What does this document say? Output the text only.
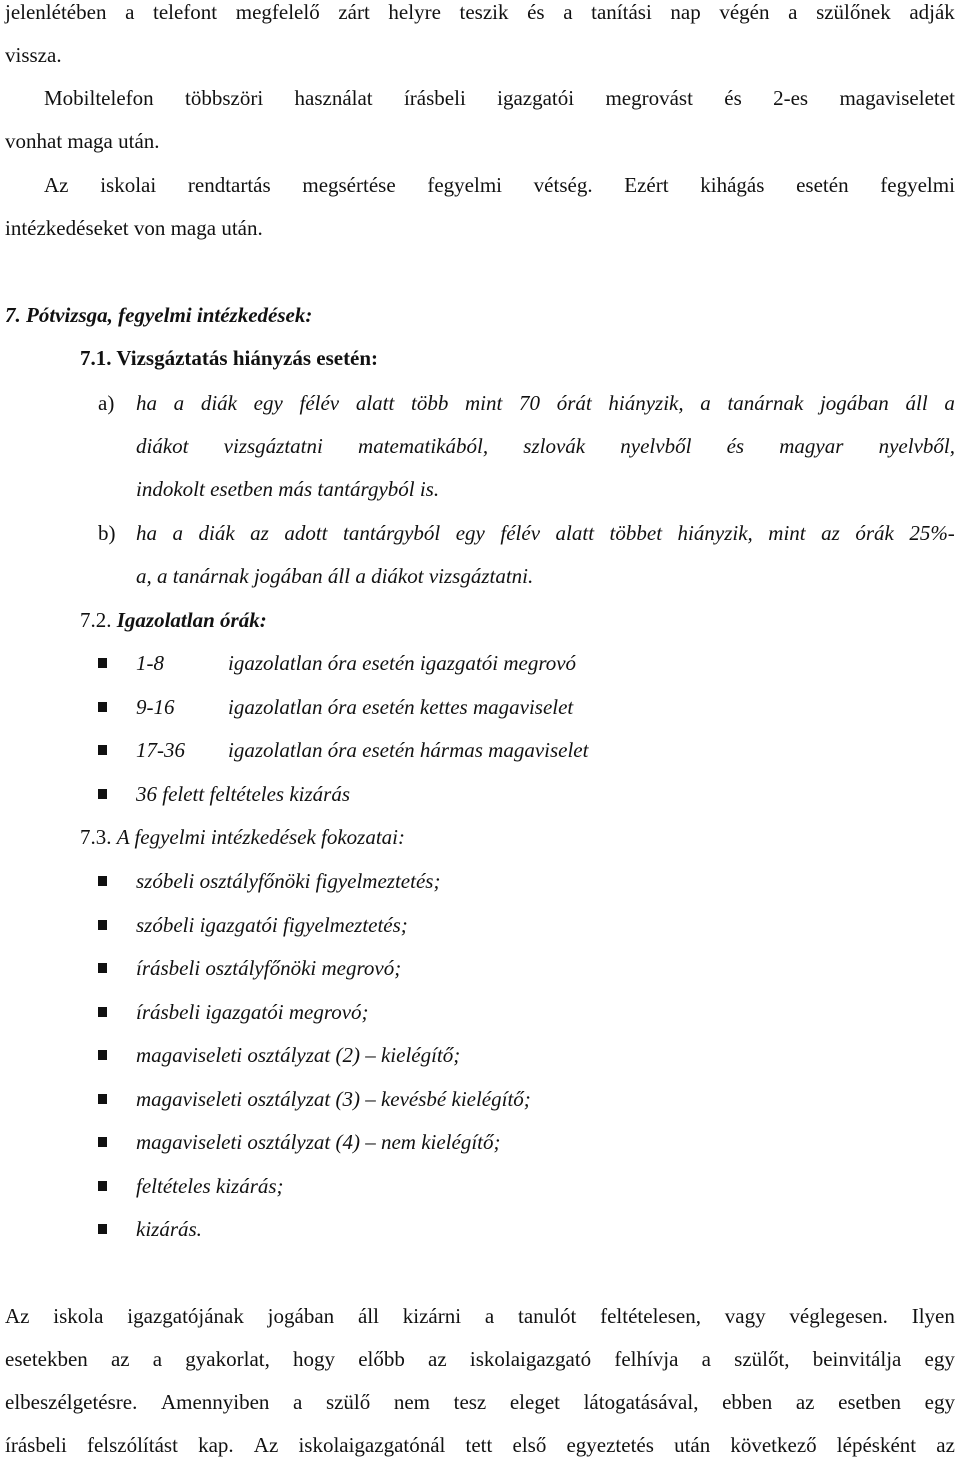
jelenlétében a telefont megfelelő zárt helyre teszik és a tanítási nap végén a szülőnek adják
vissza.
Mobiltelefon többszöri használat írásbeli igazgatói megrovást és 2-es magaviseletet
vonhat maga után.
Az iskolai rendtartás megsértése fegyelmi vétség. Ezért kihágás esetén fegyelmi
intézkedéseket von maga után.
7. Pótvizsga, fegyelmi intézkedések:
7.1. Vizsgáztatás hiányzás esetén:
a) ha a diák egy félév alatt több mint 70 órát hiányzik, a tanárnak jogában áll a
diákot vizsgáztatni matematikából, szlovák nyelvből és magyar nyelvből,
indokolt esetben más tantárgyból is.
b) ha a diák az adott tantárgyból egy félév alatt többet hiányzik, mint az órák 25%-
a, a tanárnak jogában áll a diákot vizsgáztatni.
7.2. Igazolatlan órák:
1-8	igazolatlan óra esetén igazgatói megrovó
9-16	igazolatlan óra esetén kettes magaviselet
17-36 igazolatlan óra esetén hármas magaviselet
36 felett feltételes kizárás
7.3. A fegyelmi intézkedések fokozatai:
szóbeli osztályfőnöki figyelmeztetés;
szóbeli igazgatói figyelmeztetés;
írásbeli osztályfőnöki megrovó;
írásbeli igazgatói megrovó;
magaviseleti osztályzat (2) – kielégítő;
magaviseleti osztályzat (3) – kevésbé kielégítő;
magaviseleti osztályzat (4) – nem kielégítő;
feltételes kizárás;
kizárás.
Az iskola igazgatójának jogában áll kizárni a tanulót feltételesen, vagy véglegesen. Ilyen
esetekben az a gyakorlat, hogy előbb az iskolaigazgató felhívja a szülőt, beinvitálja egy
elbeszélgetésre. Amennyiben a szülő nem tesz eleget látogatásával, ebben az esetben egy
írásbeli felszólítást kap. Az iskolaigazgatónál tett első egyeztetés után következő lépésként az
